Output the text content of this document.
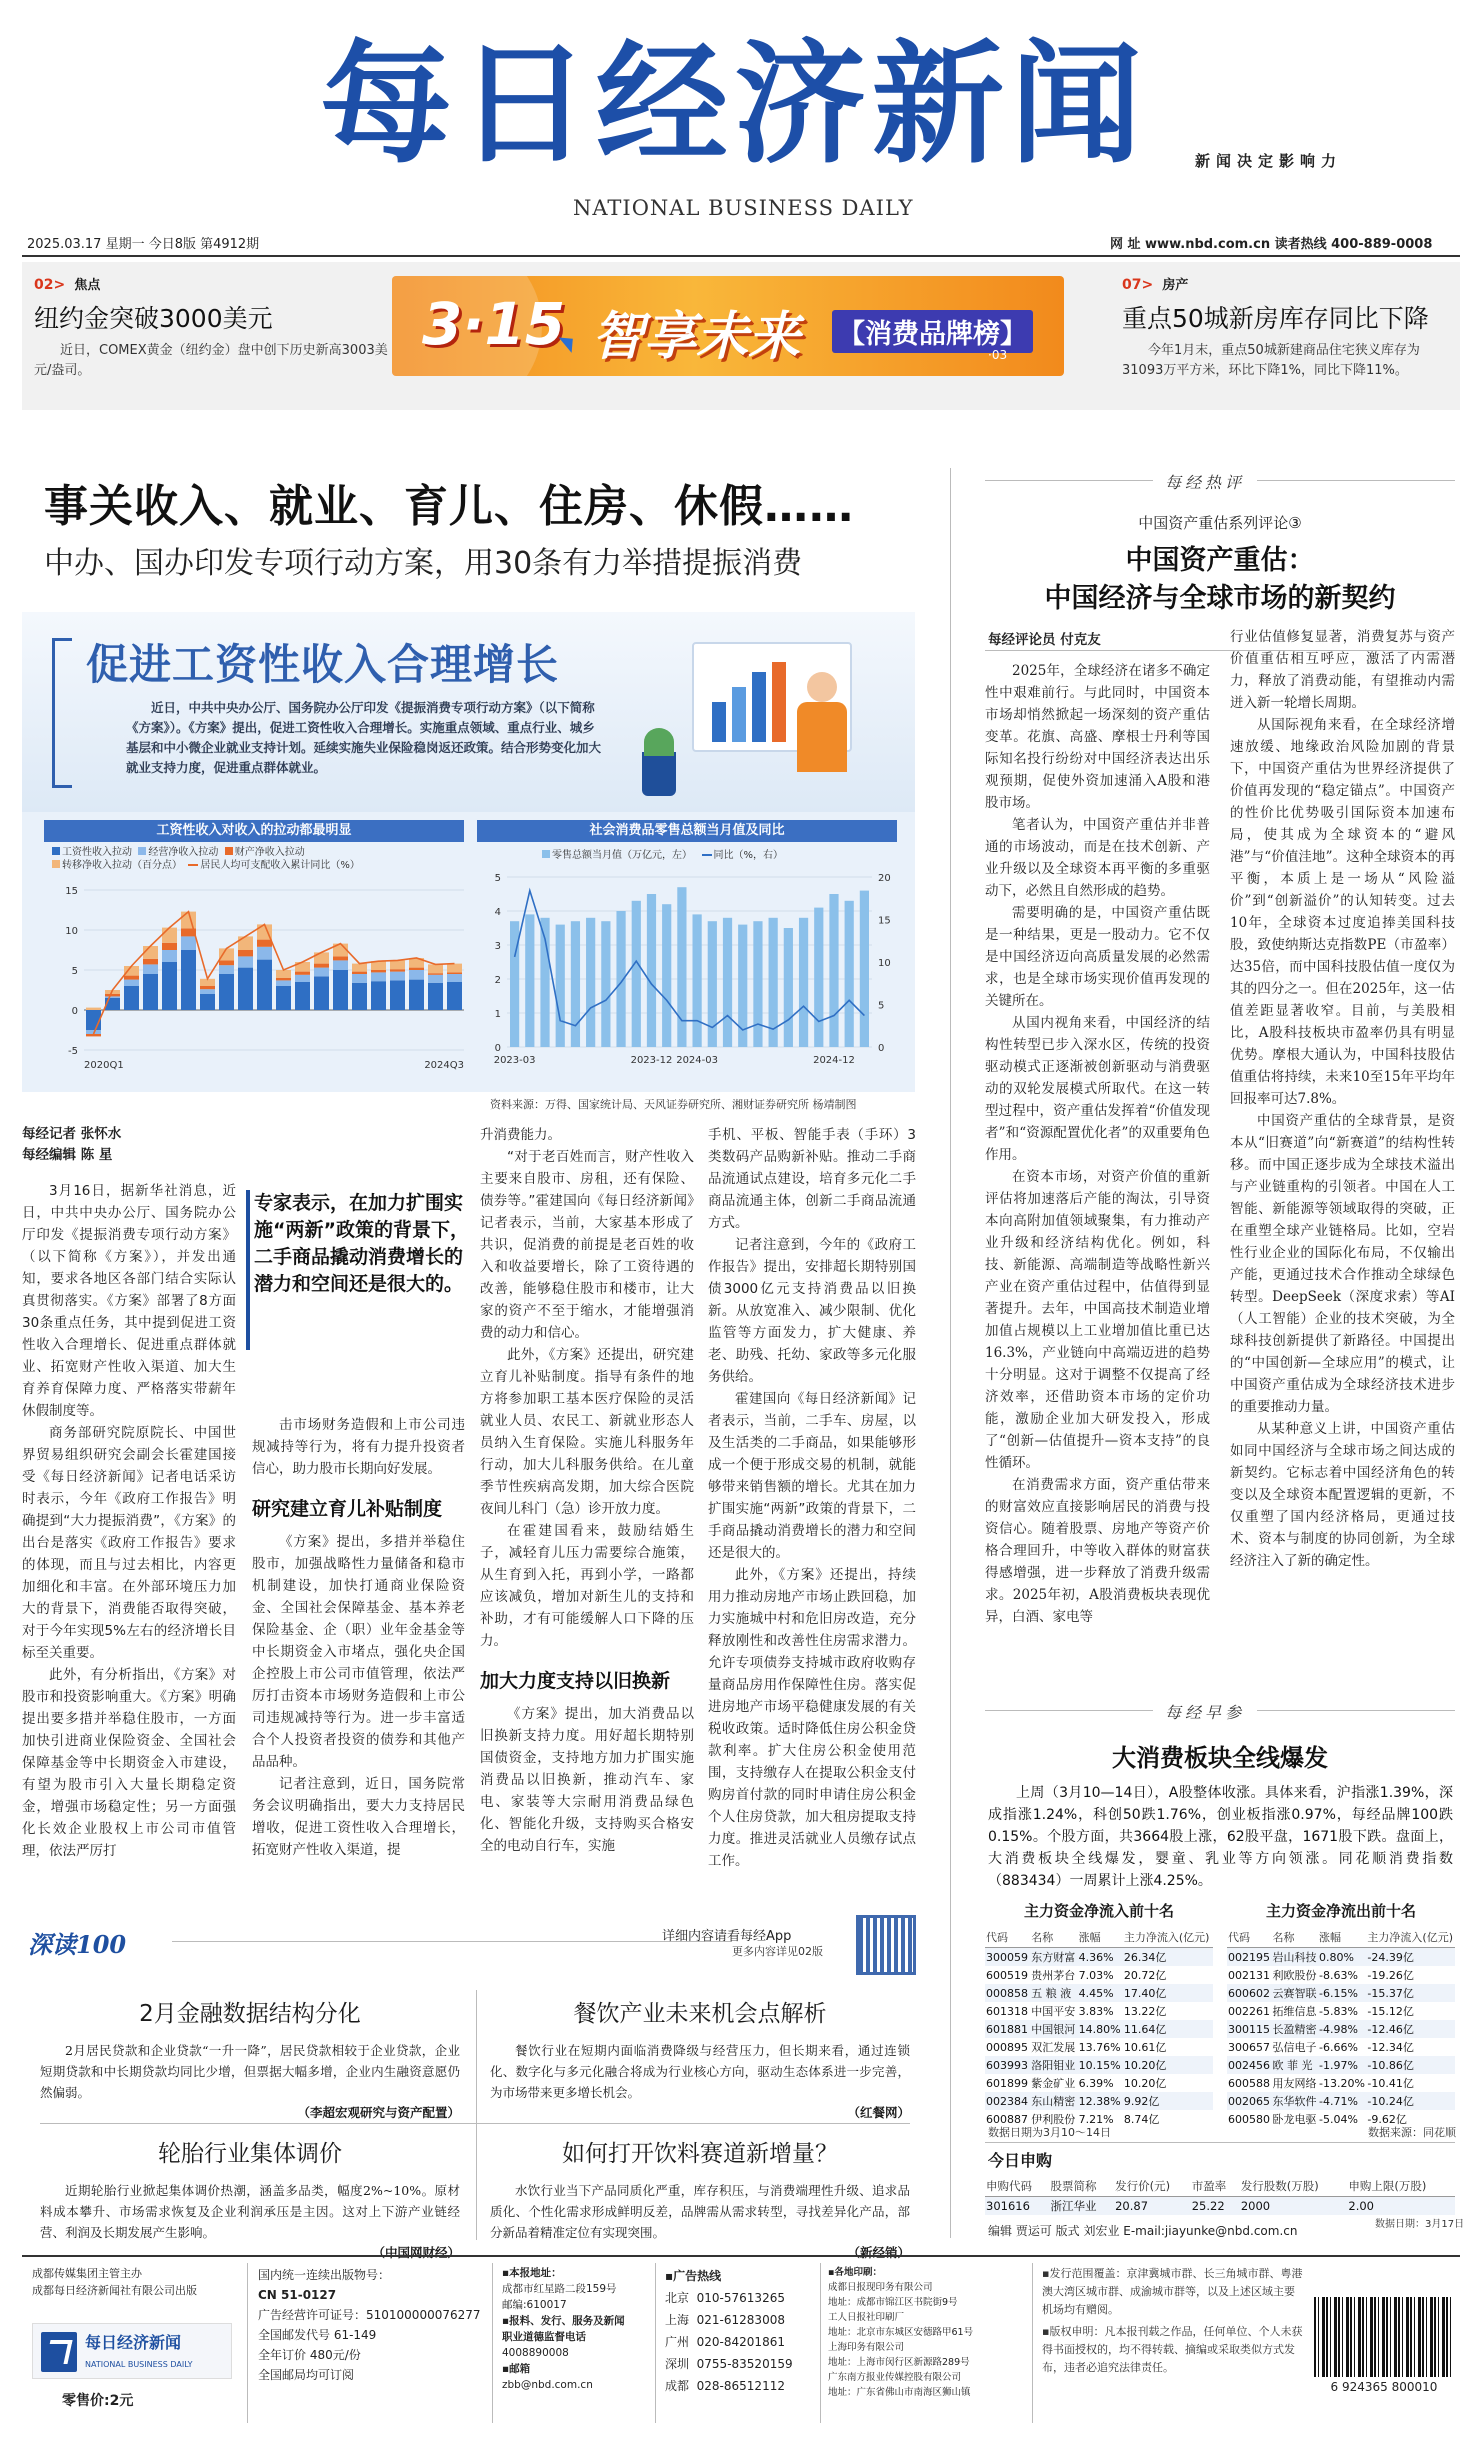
每日经济新闻
NATIONAL BUSINESS DAILY
新闻决定影响力
2025.03.17 星期一 今日8版 第4912期	网 址 www.nbd.com.cn 读者热线 400-889-0008
02> 焦点
纽约金突破3000美元
近日，COMEX黄金（纽约金）盘中创下历史新高3003美元/盎司。
3·15 智享未来 【消费品牌榜】
·03
07> 房产
重点50城新房库存同比下降
今年1月末，重点50城新建商品住宅狭义库存为31093万平方米，环比下降1%，同比下降11%。
事关收入、就业、育儿、住房、休假……
中办、国办印发专项行动方案，用30条有力举措提振消费
促进工资性收入合理增长
近日，中共中央办公厅、国务院办公厅印发《提振消费专项行动方案》（以下简称《方案》）。《方案》提出，促进工资性收入合理增长。实施重点领域、重点行业、城乡基层和中小微企业就业支持计划。延续实施失业保险稳岗返还政策。结合形势变化加大就业支持力度，促进重点群体就业。
工资性收入对收入的拉动都最明显
工资性收入拉动 经营净收入拉动 财产净收入拉动
转移净收入拉动（百分点） 居民人均可支配收入累计同比（%）
-5
0
5
10
15
2020Q1	2024Q3
社会消费品零售总额当月值及同比
零售总额当月值（万亿元，左） 同比（%，右）
0
1
2
3
4
5
0
5
10
15
20
2023-03	2023-12 2024-03	2024-12
资料来源：万得、国家统计局、天风证券研究所、湘财证券研究所 杨靖制图
每经记者 张怀水
每经编辑 陈 星

3月16日，据新华社消息，近日，中共中央办公厅、国务院办公厅印发《提振消费专项行动方案》（以下简称《方案》），并发出通知，要求各地区各部门结合实际认真贯彻落实。《方案》部署了8方面30条重点任务，其中提到促进工资性收入合理增长、促进重点群体就业、拓宽财产性收入渠道、加大生育养育保障力度、严格落实带薪年休假制度等。

商务部研究院原院长、中国世界贸易组织研究会副会长霍建国接受《每日经济新闻》记者电话采访时表示，今年《政府工作报告》明确提到“大力提振消费”，《方案》的出台是落实《政府工作报告》要求的体现，而且与过去相比，内容更加细化和丰富。在外部环境压力加大的背景下，消费能否取得突破，对于今年实现5%左右的经济增长目标至关重要。

此外，有分析指出，《方案》对股市和投资影响重大。《方案》明确提出要多措并举稳住股市，一方面加快引进商业保险资金、全国社会保障基金等中长期资金入市建设，有望为股市引入大量长期稳定资金，增强市场稳定性；另一方面强化长效企业股权上市公司市值管理，依法严厉打

专家表示，在加力扩围实施“两新”政策的背景下，二手商品撬动消费增长的潜力和空间还是很大的。

击市场财务造假和上市公司违规减持等行为，将有力提升投资者信心，助力股市长期向好发展。

研究建立育儿补贴制度

《方案》提出，多措并举稳住股市，加强战略性力量储备和稳市机制建设，加快打通商业保险资金、全国社会保障基金、基本养老保险基金、企（职）业年金基金等中长期资金入市堵点，强化央企国企控股上市公司市值管理，依法严厉打击资本市场财务造假和上市公司违规减持等行为。进一步丰富适合个人投资者投资的债券和其他产品品种。

记者注意到，近日，国务院常务会议明确指出，要大力支持居民增收，促进工资性收入合理增长，拓宽财产性收入渠道，提

升消费能力。

“对于老百姓而言，财产性收入主要来自股市、房租，还有保险、债券等。”霍建国向《每日经济新闻》记者表示，当前，大家基本形成了共识，促消费的前提是老百姓的收入和收益要增长，除了工资待遇的改善，能够稳住股市和楼市，让大家的资产不至于缩水，才能增强消费的动力和信心。

此外，《方案》还提出，研究建立育儿补贴制度。指导有条件的地方将参加职工基本医疗保险的灵活就业人员、农民工、新就业形态人员纳入生育保险。实施儿科服务年行动，加大儿科服务供给。在儿童季节性疾病高发期，加大综合医院夜间儿科门（急）诊开放力度。

在霍建国看来，鼓励结婚生子，减轻育儿压力需要综合施策，从生育到入托，再到小学，一路都应该减负，增加对新生儿的支持和补助，才有可能缓解人口下降的压力。

加大力度支持以旧换新

《方案》提出，加大消费品以旧换新支持力度。用好超长期特别国债资金，支持地方加力扩围实施消费品以旧换新，推动汽车、家电、家装等大宗耐用消费品绿色化、智能化升级，支持购买合格安全的电动自行车，实施

手机、平板、智能手表（手环）3类数码产品购新补贴。推动二手商品流通试点建设，培育多元化二手商品流通主体，创新二手商品流通方式。

记者注意到，今年的《政府工作报告》提出，安排超长期特别国债3000亿元支持消费品以旧换新。从放宽准入、减少限制、优化监管等方面发力，扩大健康、养老、助残、托幼、家政等多元化服务供给。

霍建国向《每日经济新闻》记者表示，当前，二手车、房屋，以及生活类的二手商品，如果能够形成一个便于形成交易的机制，就能够带来销售额的增长。尤其在加力扩围实施“两新”政策的背景下，二手商品撬动消费增长的潜力和空间还是很大的。

此外，《方案》还提出，持续用力推动房地产市场止跌回稳，加力实施城中村和危旧房改造，充分释放刚性和改善性住房需求潜力。允许专项债券支持城市政府收购存量商品房用作保障性住房。落实促进房地产市场平稳健康发展的有关税收政策。适时降低住房公积金贷款利率。扩大住房公积金使用范围，支持缴存人在提取公积金支付购房首付款的同时申请住房公积金个人住房贷款，加大租房提取支持力度。推进灵活就业人员缴存试点工作。

每经热评
中国资产重估系列评论③
中国资产重估：
中国经济与全球市场的新契约
每经评论员 付克友

2025年，全球经济在诸多不确定性中艰难前行。与此同时，中国资本市场却悄然掀起一场深刻的资产重估变革。花旗、高盛、摩根士丹利等国际知名投行纷纷对中国经济表达出乐观预期，促使外资加速涌入A股和港股市场。

笔者认为，中国资产重估并非普通的市场波动，而是在技术创新、产业升级以及全球资本再平衡的多重驱动下，必然且自然形成的趋势。

需要明确的是，中国资产重估既是一种结果，更是一股动力。它不仅是中国经济迈向高质量发展的必然需求，也是全球市场实现价值再发现的关键所在。

从国内视角来看，中国经济的结构性转型已步入深水区，传统的投资驱动模式正逐渐被创新驱动与消费驱动的双轮发展模式所取代。在这一转型过程中，资产重估发挥着“价值发现者”和“资源配置优化者”的双重要角色作用。

在资本市场，对资产价值的重新评估将加速落后产能的淘汰，引导资本向高附加值领域聚集，有力推动产业升级和经济结构优化。例如，科技、新能源、高端制造等战略性新兴产业在资产重估过程中，估值得到显著提升。去年，中国高技术制造业增加值占规模以上工业增加值比重已达16.3%，产业链向中高端迈进的趋势十分明显。这对于调整不仅提高了经济效率，还借助资本市场的定价功能，激励企业加大研发投入，形成了“创新—估值提升—资本支持”的良性循环。

在消费需求方面，资产重估带来的财富效应直接影响居民的消费与投资信心。随着股票、房地产等资产价格合理回升，中等收入群体的财富获得感增强，进一步释放了消费升级需求。2025年初，A股消费板块表现优异，白酒、家电等

行业估值修复显著，消费复苏与资产价值重估相互呼应，激活了内需潜力，释放了消费动能，有望推动内需迸入新一轮增长周期。

从国际视角来看，在全球经济增速放缓、地缘政治风险加剧的背景下，中国资产重估为世界经济提供了价值再发现的“稳定锚点”。中国资产的性价比优势吸引国际资本加速布局，使其成为全球资本的“避风港”与“价值洼地”。这种全球资本的再平衡，本质上是一场从“风险溢价”到“创新溢价”的认知转变。过去10年，全球资本过度追捧美国科技股，致使纳斯达克指数PE（市盈率）达35倍，而中国科技股估值一度仅为其的四分之一。但在2025年，这一估值差距显著收窄。目前，与美股相比，A股科技板块市盈率仍具有明显优势。摩根大通认为，中国科技股估值重估将持续，未来10至15年平均年回报率可达7.8%。

中国资产重估的全球背景，是资本从“旧赛道”向“新赛道”的结构性转移。而中国正逐步成为全球技术溢出与产业链重构的引领者。中国在人工智能、新能源等领域取得的突破，正在重塑全球产业链格局。比如，空岩性行业企业的国际化布局，不仅输出产能，更通过技术合作推动全球绿色转型。DeepSeek（深度求索）等AI（人工智能）企业的技术突破，为全球科技创新提供了新路径。中国提出的“中国创新—全球应用”的模式，让中国资产重估成为全球经济技术进步的重要推动力量。

从某种意义上讲，中国资产重估如同中国经济与全球市场之间达成的新契约。它标志着中国经济角色的转变以及全球资本配置逻辑的更新，不仅重塑了国内经济格局，更通过技术、资本与制度的协同创新，为全球经济注入了新的确定性。

每经早参
大消费板块全线爆发
上周（3月10—14日），A股整体收涨。具体来看，沪指涨1.39%，深成指涨1.24%，科创50跌1.76%，创业板指涨0.97%，每经品牌100跌0.15%。个股方面，共3664股上涨，62股平盘，1671股下跌。盘面上，大消费板块全线爆发，婴童、乳业等方向领涨。同花顺消费指数（883434）一周累计上涨4.25%。
主力资金净流入前十名
代码	名称	涨幅	主力净流入(亿元)
300059	东方财富	4.36%	26.34亿
600519	贵州茅台	7.03%	20.72亿
000858	五 粮 液	4.45%	17.40亿
601318	中国平安	3.83%	13.22亿
601881	中国银河	14.80%	11.64亿
000895	双汇发展	13.76%	10.61亿
603993	洛阳钼业	10.15%	10.20亿
601899	紫金矿业	6.39%	10.20亿
002384	东山精密	12.38%	9.92亿
600887	伊利股份	7.21%	8.74亿
主力资金净流出前十名
代码	名称	涨幅	主力净流入(亿元)
002195	岩山科技	0.80%	-24.39亿
002131	利欧股份	-8.63%	-19.26亿
600602	云赛智联	-6.15%	-15.37亿
002261	拓维信息	-5.83%	-15.12亿
300115	长盈精密	-4.98%	-12.46亿
300657	弘信电子	-6.66%	-12.34亿
002456	欧 菲 光	-1.97%	-10.86亿
600588	用友网络	-13.20%	-10.41亿
002065	东华软件	-4.71%	-10.24亿
600580	卧龙电驱	-5.04%	-9.62亿
数据日期为3月10～14日	数据来源：同花顺
今日申购
申购代码	股票简称	发行价(元)	市盈率	发行股数(万股)	申购上限(万股)
301616	浙江华业	20.87	25.22	2000	2.00
数据日期：3月17日
编辑 贾运可 版式 刘宏业 E-mail:jiayunke@nbd.com.cn
深读100	详细内容请看每经App
更多内容详见02版
2月金融数据结构分化
2月居民贷款和企业贷款“一升一降”，居民贷款相较于企业贷款，企业短期贷款和中长期贷款均同比少增，但票据大幅多增，企业内生融资意愿仍然偏弱。
（李超宏观研究与资产配置）
餐饮产业未来机会点解析
餐饮行业在短期内面临消费降级与经营压力，但长期来看，通过连锁化、数字化与多元化融合将成为行业核心方向，驱动生态体系进一步完善，为市场带来更多增长机会。
（红餐网）
轮胎行业集体调价
近期轮胎行业掀起集体调价热潮，涵盖多品类，幅度2%~10%。原材料成本攀升、市场需求恢复及企业利润承压是主因。这对上下游产业链经营、利润及长期发展产生影响。
（中国网财经）
如何打开饮料赛道新增量？
水饮行业当下产品同质化严重，库存积压，与消费端理性升级、追求品质化、个性化需求形成鲜明反差，品牌需从需求转型，寻找差异化产品，部分新品着精准定位有实现突围。
（新经销）
成都传媒集团主管主办
成都每日经济新闻社有限公司出版
每日经济新闻
NATIONAL BUSINESS DAILY
零售价:2元
国内统一连续出版物号：
CN 51-0127
广告经营许可证号：510100000076277
全国邮发代号 61-149
全年订价 480元/份
全国邮局均可订阅
▪本报地址：
成都市红星路二段159号
邮编:610017
▪报料、发行、服务及新闻
职业道德监督电话
4008890008
▪邮箱
zbb@nbd.com.cn
▪广告热线
北京 010-57613265
上海 021-61283008
广州 020-84201861
深圳 0755-83520159
成都 028-86512112
▪各地印刷：
成都日报现印务有限公司
地址：成都市锦江区书院街9号
工人日报社印刷厂
地址：北京市东城区安德路甲61号
上海印务有限公司
地址：上海市闵行区新源路289号
广东南方报业传媒控股有限公司
地址：广东省佛山市南海区狮山镇
▪发行范围覆盖：京津冀城市群、长三角城市群、粤港澳大湾区城市群、成渝城市群等，以及上述区域主要机场均有赠阅。
▪版权申明：凡本报刊载之作品，任何单位、个人未获得书面授权的，均不得转载、摘编或采取类似方式发布，违者必追究法律责任。
6 924365 800010
